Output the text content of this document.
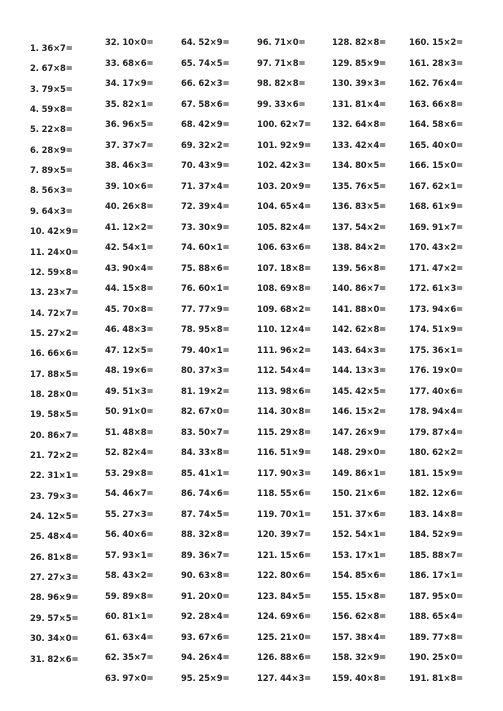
1. 36×7=
2. 67×8=
3. 79×5=
4. 59×8=
5. 22×8=
6. 28×9=
7. 89×5=
8. 56×3=
9. 64×3=
10. 42×9=
11. 24×0=
12. 59×8=
13. 23×7=
14. 72×7=
15. 27×2=
16. 66×6=
17. 88×5=
18. 28×0=
19. 58×5=
20. 86×7=
21. 72×2=
22. 31×1=
23. 79×3=
24. 12×5=
25. 48×4=
26. 81×8=
27. 27×3=
28. 96×9=
29. 57×5=
30. 34×0=
31. 82×6=
32. 10×0=
33. 68×6=
34. 17×9=
35. 82×1=
36. 96×5=
37. 37×7=
38. 46×3=
39. 10×6=
40. 26×8=
41. 12×2=
42. 54×1=
43. 90×4=
44. 15×8=
45. 70×8=
46. 48×3=
47. 12×5=
48. 19×6=
49. 51×3=
50. 91×0=
51. 48×8=
52. 82×4=
53. 29×8=
54. 46×7=
55. 27×3=
56. 40×6=
57. 93×1=
58. 43×2=
59. 89×8=
60. 81×1=
61. 63×4=
62. 35×7=
63. 97×0=
64. 52×9=
65. 74×5=
66. 62×3=
67. 58×6=
68. 42×9=
69. 32×2=
70. 43×9=
71. 37×4=
72. 39×4=
73. 30×9=
74. 60×1=
75. 88×6=
76. 60×1=
77. 77×9=
78. 95×8=
79. 40×1=
80. 37×3=
81. 19×2=
82. 67×0=
83. 50×7=
84. 33×8=
85. 41×1=
86. 74×6=
87. 74×5=
88. 32×8=
89. 36×7=
90. 63×8=
91. 20×0=
92. 28×4=
93. 67×6=
94. 26×4=
95. 25×9=
96. 71×0=
97. 71×8=
98. 82×8=
99. 33×6=
100. 62×7=
101. 92×9=
102. 42×3=
103. 20×9=
104. 65×4=
105. 82×4=
106. 63×6=
107. 18×8=
108. 69×8=
109. 68×2=
110. 12×4=
111. 96×2=
112. 54×4=
113. 98×6=
114. 30×8=
115. 29×8=
116. 51×9=
117. 90×3=
118. 55×6=
119. 70×1=
120. 39×7=
121. 15×6=
122. 80×6=
123. 84×5=
124. 69×6=
125. 21×0=
126. 88×6=
127. 44×3=
128. 82×8=
129. 85×9=
130. 39×3=
131. 81×4=
132. 64×8=
133. 42×4=
134. 80×5=
135. 76×5=
136. 83×5=
137. 54×2=
138. 84×2=
139. 56×8=
140. 86×7=
141. 88×0=
142. 62×8=
143. 64×3=
144. 13×3=
145. 42×5=
146. 15×2=
147. 26×9=
148. 29×0=
149. 86×1=
150. 21×6=
151. 37×6=
152. 54×1=
153. 17×1=
154. 85×6=
155. 15×8=
156. 62×8=
157. 38×4=
158. 32×9=
159. 40×8=
160. 15×2=
161. 28×3=
162. 76×4=
163. 66×8=
164. 58×6=
165. 40×0=
166. 15×0=
167. 62×1=
168. 61×9=
169. 91×7=
170. 43×2=
171. 47×2=
172. 61×3=
173. 94×6=
174. 51×9=
175. 36×1=
176. 19×0=
177. 40×6=
178. 94×4=
179. 87×4=
180. 62×2=
181. 15×9=
182. 12×6=
183. 14×8=
184. 52×9=
185. 88×7=
186. 17×1=
187. 95×0=
188. 65×4=
189. 77×8=
190. 25×0=
191. 81×8=
